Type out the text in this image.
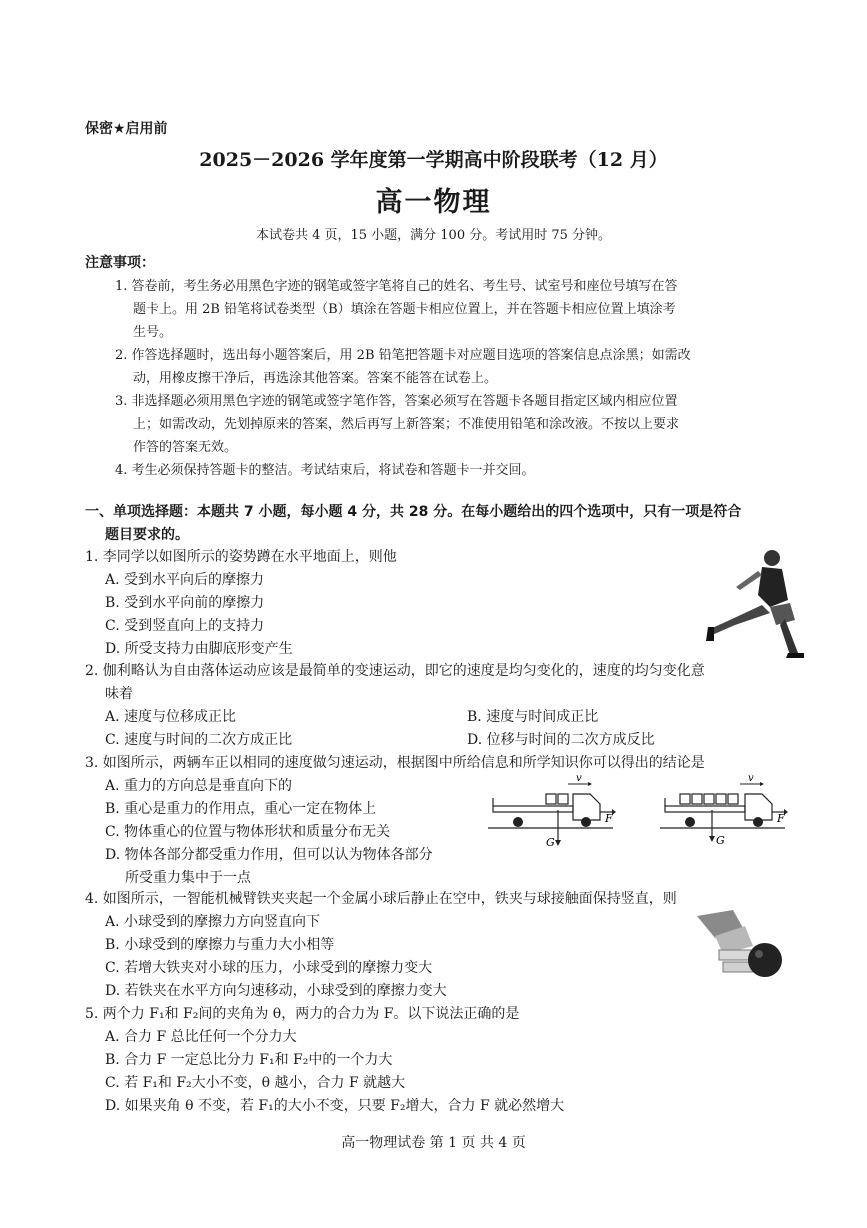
保密★启用前
2025－2026 学年度第一学期高中阶段联考（12 月）
高一物理
本试卷共 4 页，15 小题，满分 100 分。考试用时 75 分钟。
注意事项：
1. 答卷前，考生务必用黑色字迹的钢笔或签字笔将自己的姓名、考生号、试室号和座位号填写在答
题卡上。用 2B 铅笔将试卷类型（B）填涂在答题卡相应位置上，并在答题卡相应位置上填涂考
生号。
2. 作答选择题时，选出每小题答案后，用 2B 铅笔把答题卡对应题目选项的答案信息点涂黑；如需改
动，用橡皮擦干净后，再选涂其他答案。答案不能答在试卷上。
3. 非选择题必须用黑色字迹的钢笔或签字笔作答，答案必须写在答题卡各题目指定区域内相应位置
上；如需改动，先划掉原来的答案，然后再写上新答案；不准使用铅笔和涂改液。不按以上要求
作答的答案无效。
4. 考生必须保持答题卡的整洁。考试结束后，将试卷和答题卡一并交回。
一、单项选择题：本题共 7 小题，每小题 4 分，共 28 分。在每小题给出的四个选项中，只有一项是符合
题目要求的。
1. 李同学以如图所示的姿势蹲在水平地面上，则他
A. 受到水平向后的摩擦力
B. 受到水平向前的摩擦力
C. 受到竖直向上的支持力
D. 所受支持力由脚底形变产生
2. 伽利略认为自由落体运动应该是最简单的变速运动，即它的速度是均匀变化的，速度的均匀变化意
味着
A. 速度与位移成正比	B. 速度与时间成正比
C. 速度与时间的二次方成正比	D. 位移与时间的二次方成反比
3. 如图所示，两辆车正以相同的速度做匀速运动，根据图中所给信息和所学知识你可以得出的结论是
A. 重力的方向总是垂直向下的
B. 重心是重力的作用点，重心一定在物体上
C. 物体重心的位置与物体形状和质量分布无关
D. 物体各部分都受重力作用，但可以认为物体各部分
所受重力集中于一点
v
F
G
v
F
G
4. 如图所示，一智能机械臂铁夹夹起一个金属小球后静止在空中，铁夹与球接触面保持竖直，则
A. 小球受到的摩擦力方向竖直向下
B. 小球受到的摩擦力与重力大小相等
C. 若增大铁夹对小球的压力，小球受到的摩擦力变大
D. 若铁夹在水平方向匀速移动，小球受到的摩擦力变大
5. 两个力 F₁和 F₂间的夹角为 θ，两力的合力为 F。以下说法正确的是
A. 合力 F 总比任何一个分力大
B. 合力 F 一定总比分力 F₁和 F₂中的一个力大
C. 若 F₁和 F₂大小不变，θ 越小，合力 F 就越大
D. 如果夹角 θ 不变，若 F₁的大小不变，只要 F₂增大，合力 F 就必然增大
高一物理试卷 第 1 页 共 4 页
